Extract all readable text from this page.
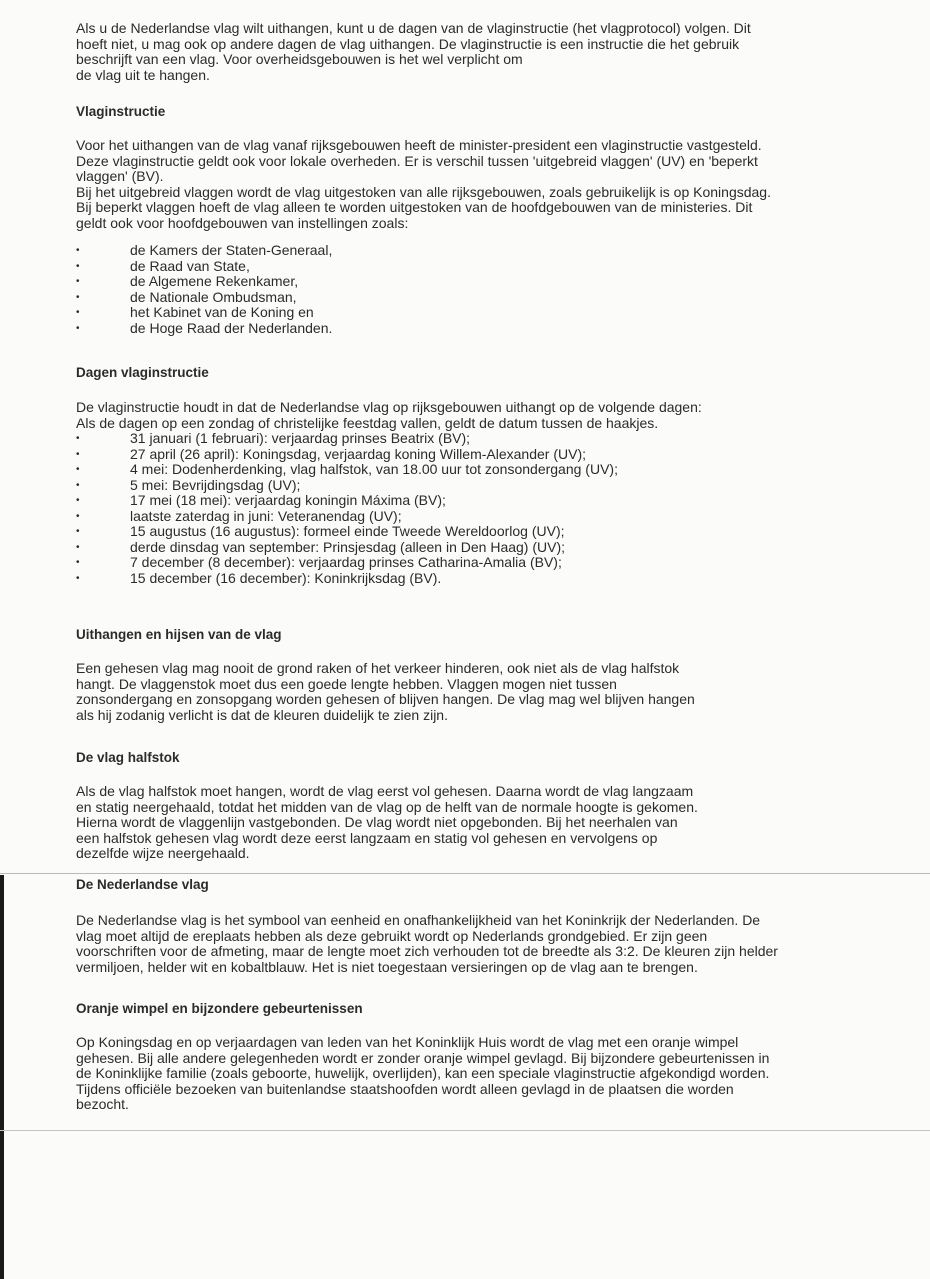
Als u de Nederlandse vlag wilt uithangen, kunt u de dagen van de vlaginstructie (het vlagprotocol) volgen. Dit
hoeft niet, u mag ook op andere dagen de vlag uithangen. De vlaginstructie is een instructie die het gebruik
beschrijft van een vlag. Voor overheidsgebouwen is het wel verplicht om
de vlag uit te hangen.

Vlaginstructie

Voor het uithangen van de vlag vanaf rijksgebouwen heeft de minister-president een vlaginstructie vastgesteld.
Deze vlaginstructie geldt ook voor lokale overheden. Er is verschil tussen 'uitgebreid vlaggen' (UV) en 'beperkt
vlaggen' (BV).
Bij het uitgebreid vlaggen wordt de vlag uitgestoken van alle rijksgebouwen, zoals gebruikelijk is op Koningsdag.
Bij beperkt vlaggen hoeft de vlag alleen te worden uitgestoken van de hoofdgebouwen van de ministeries. Dit
geldt ook voor hoofdgebouwen van instellingen zoals:

•	de Kamers der Staten-Generaal,
•	de Raad van State,
•	de Algemene Rekenkamer,
•	de Nationale Ombudsman,
•	het Kabinet van de Koning en
•	de Hoge Raad der Nederlanden.
Dagen vlaginstructie

De vlaginstructie houdt in dat de Nederlandse vlag op rijksgebouwen uithangt op de volgende dagen:
Als de dagen op een zondag of christelijke feestdag vallen, geldt de datum tussen de haakjes.

•	31 januari (1 februari): verjaardag prinses Beatrix (BV);
•	27 april (26 april): Koningsdag, verjaardag koning Willem-Alexander (UV);
•	4 mei: Dodenherdenking, vlag halfstok, van 18.00 uur tot zonsondergang (UV);
•	5 mei: Bevrijdingsdag (UV);
•	17 mei (18 mei): verjaardag koningin Máxima (BV);
•	laatste zaterdag in juni: Veteranendag (UV);
•	15 augustus (16 augustus): formeel einde Tweede Wereldoorlog (UV);
•	derde dinsdag van september: Prinsjesdag (alleen in Den Haag) (UV);
•	7 december (8 december): verjaardag prinses Catharina-Amalia (BV);
•	15 december (16 december): Koninkrijksdag (BV).
Uithangen en hijsen van de vlag

Een gehesen vlag mag nooit de grond raken of het verkeer hinderen, ook niet als de vlag halfstok
hangt. De vlaggenstok moet dus een goede lengte hebben. Vlaggen mogen niet tussen
zonsondergang en zonsopgang worden gehesen of blijven hangen. De vlag mag wel blijven hangen
als hij zodanig verlicht is dat de kleuren duidelijk te zien zijn.

De vlag halfstok

Als de vlag halfstok moet hangen, wordt de vlag eerst vol gehesen. Daarna wordt de vlag langzaam
en statig neergehaald, totdat het midden van de vlag op de helft van de normale hoogte is gekomen.
Hierna wordt de vlaggenlijn vastgebonden. De vlag wordt niet opgebonden. Bij het neerhalen van
een halfstok gehesen vlag wordt deze eerst langzaam en statig vol gehesen en vervolgens op
dezelfde wijze neergehaald.

De Nederlandse vlag

De Nederlandse vlag is het symbool van eenheid en onafhankelijkheid van het Koninkrijk der Nederlanden. De
vlag moet altijd de ereplaats hebben als deze gebruikt wordt op Nederlands grondgebied. Er zijn geen
voorschriften voor de afmeting, maar de lengte moet zich verhouden tot de breedte als 3:2. De kleuren zijn helder
vermiljoen, helder wit en kobaltblauw. Het is niet toegestaan versieringen op de vlag aan te brengen.

Oranje wimpel en bijzondere gebeurtenissen

Op Koningsdag en op verjaardagen van leden van het Koninklijk Huis wordt de vlag met een oranje wimpel
gehesen. Bij alle andere gelegenheden wordt er zonder oranje wimpel gevlagd. Bij bijzondere gebeurtenissen in
de Koninklijke familie (zoals geboorte, huwelijk, overlijden), kan een speciale vlaginstructie afgekondigd worden.
Tijdens officiële bezoeken van buitenlandse staatshoofden wordt alleen gevlagd in de plaatsen die worden
bezocht.
